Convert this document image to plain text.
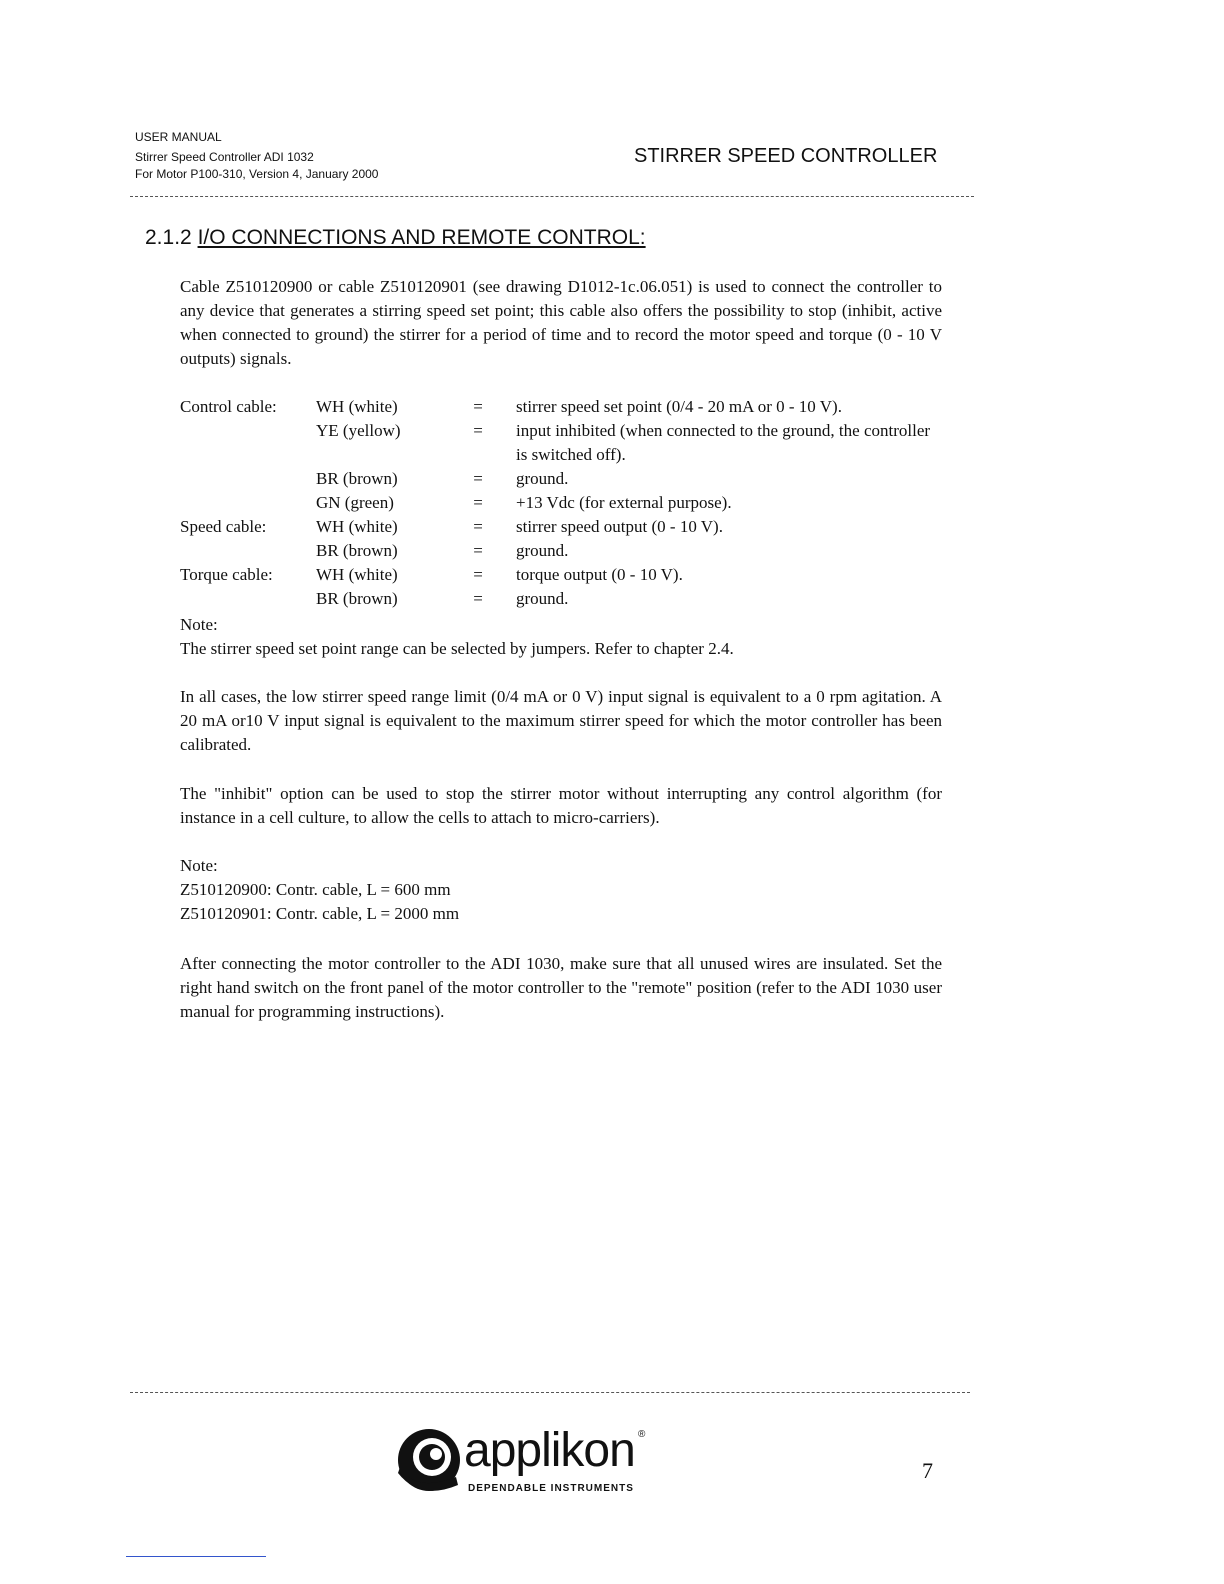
USER MANUAL
Stirrer Speed Controller ADI 1032
For Motor P100-310, Version 4, January 2000
STIRRER SPEED CONTROLLER
2.1.2 I/O CONNECTIONS AND REMOTE CONTROL:
Cable Z510120900 or cable Z510120901 (see drawing D1012-1c.06.051) is used to connect the controller to any device that generates a stirring speed set point; this cable also offers the possibility to stop (inhibit, active when connected to ground) the stirrer for a period of time and to record the motor speed and torque (0 - 10 V outputs) signals.
Control cable:	WH (white)	=	stirrer speed set point (0/4 - 20 mA or 0 - 10 V).
	YE (yellow)	=	input inhibited (when connected to the ground, the controller is switched off).
	BR (brown)	=	ground.
	GN (green)	=	+13 Vdc (for external purpose).
Speed cable:	WH (white)	=	stirrer speed output (0 - 10 V).
	BR (brown)	=	ground.
Torque cable:	WH (white)	=	torque output (0 - 10 V).
	BR (brown)	=	ground.
Note:
The stirrer speed set point range can be selected by jumpers. Refer to chapter 2.4.
In all cases, the low stirrer speed range limit (0/4 mA or 0 V) input signal is equivalent to a 0 rpm agitation. A 20 mA or10 V input signal is equivalent to the maximum stirrer speed for which the motor controller has been calibrated.
The "inhibit" option can be used to stop the stirrer motor without interrupting any control algorithm (for instance in a cell culture, to allow the cells to attach to micro-carriers).
Note:
Z510120900: Contr. cable, L = 600 mm
Z510120901: Contr. cable, L = 2000 mm
After connecting the motor controller to the ADI 1030, make sure that all unused wires are insulated. Set the right hand switch on the front panel of the motor controller to the "remote" position (refer to the ADI 1030 user manual for programming instructions).
applikon ®
DEPENDABLE INSTRUMENTS
7
